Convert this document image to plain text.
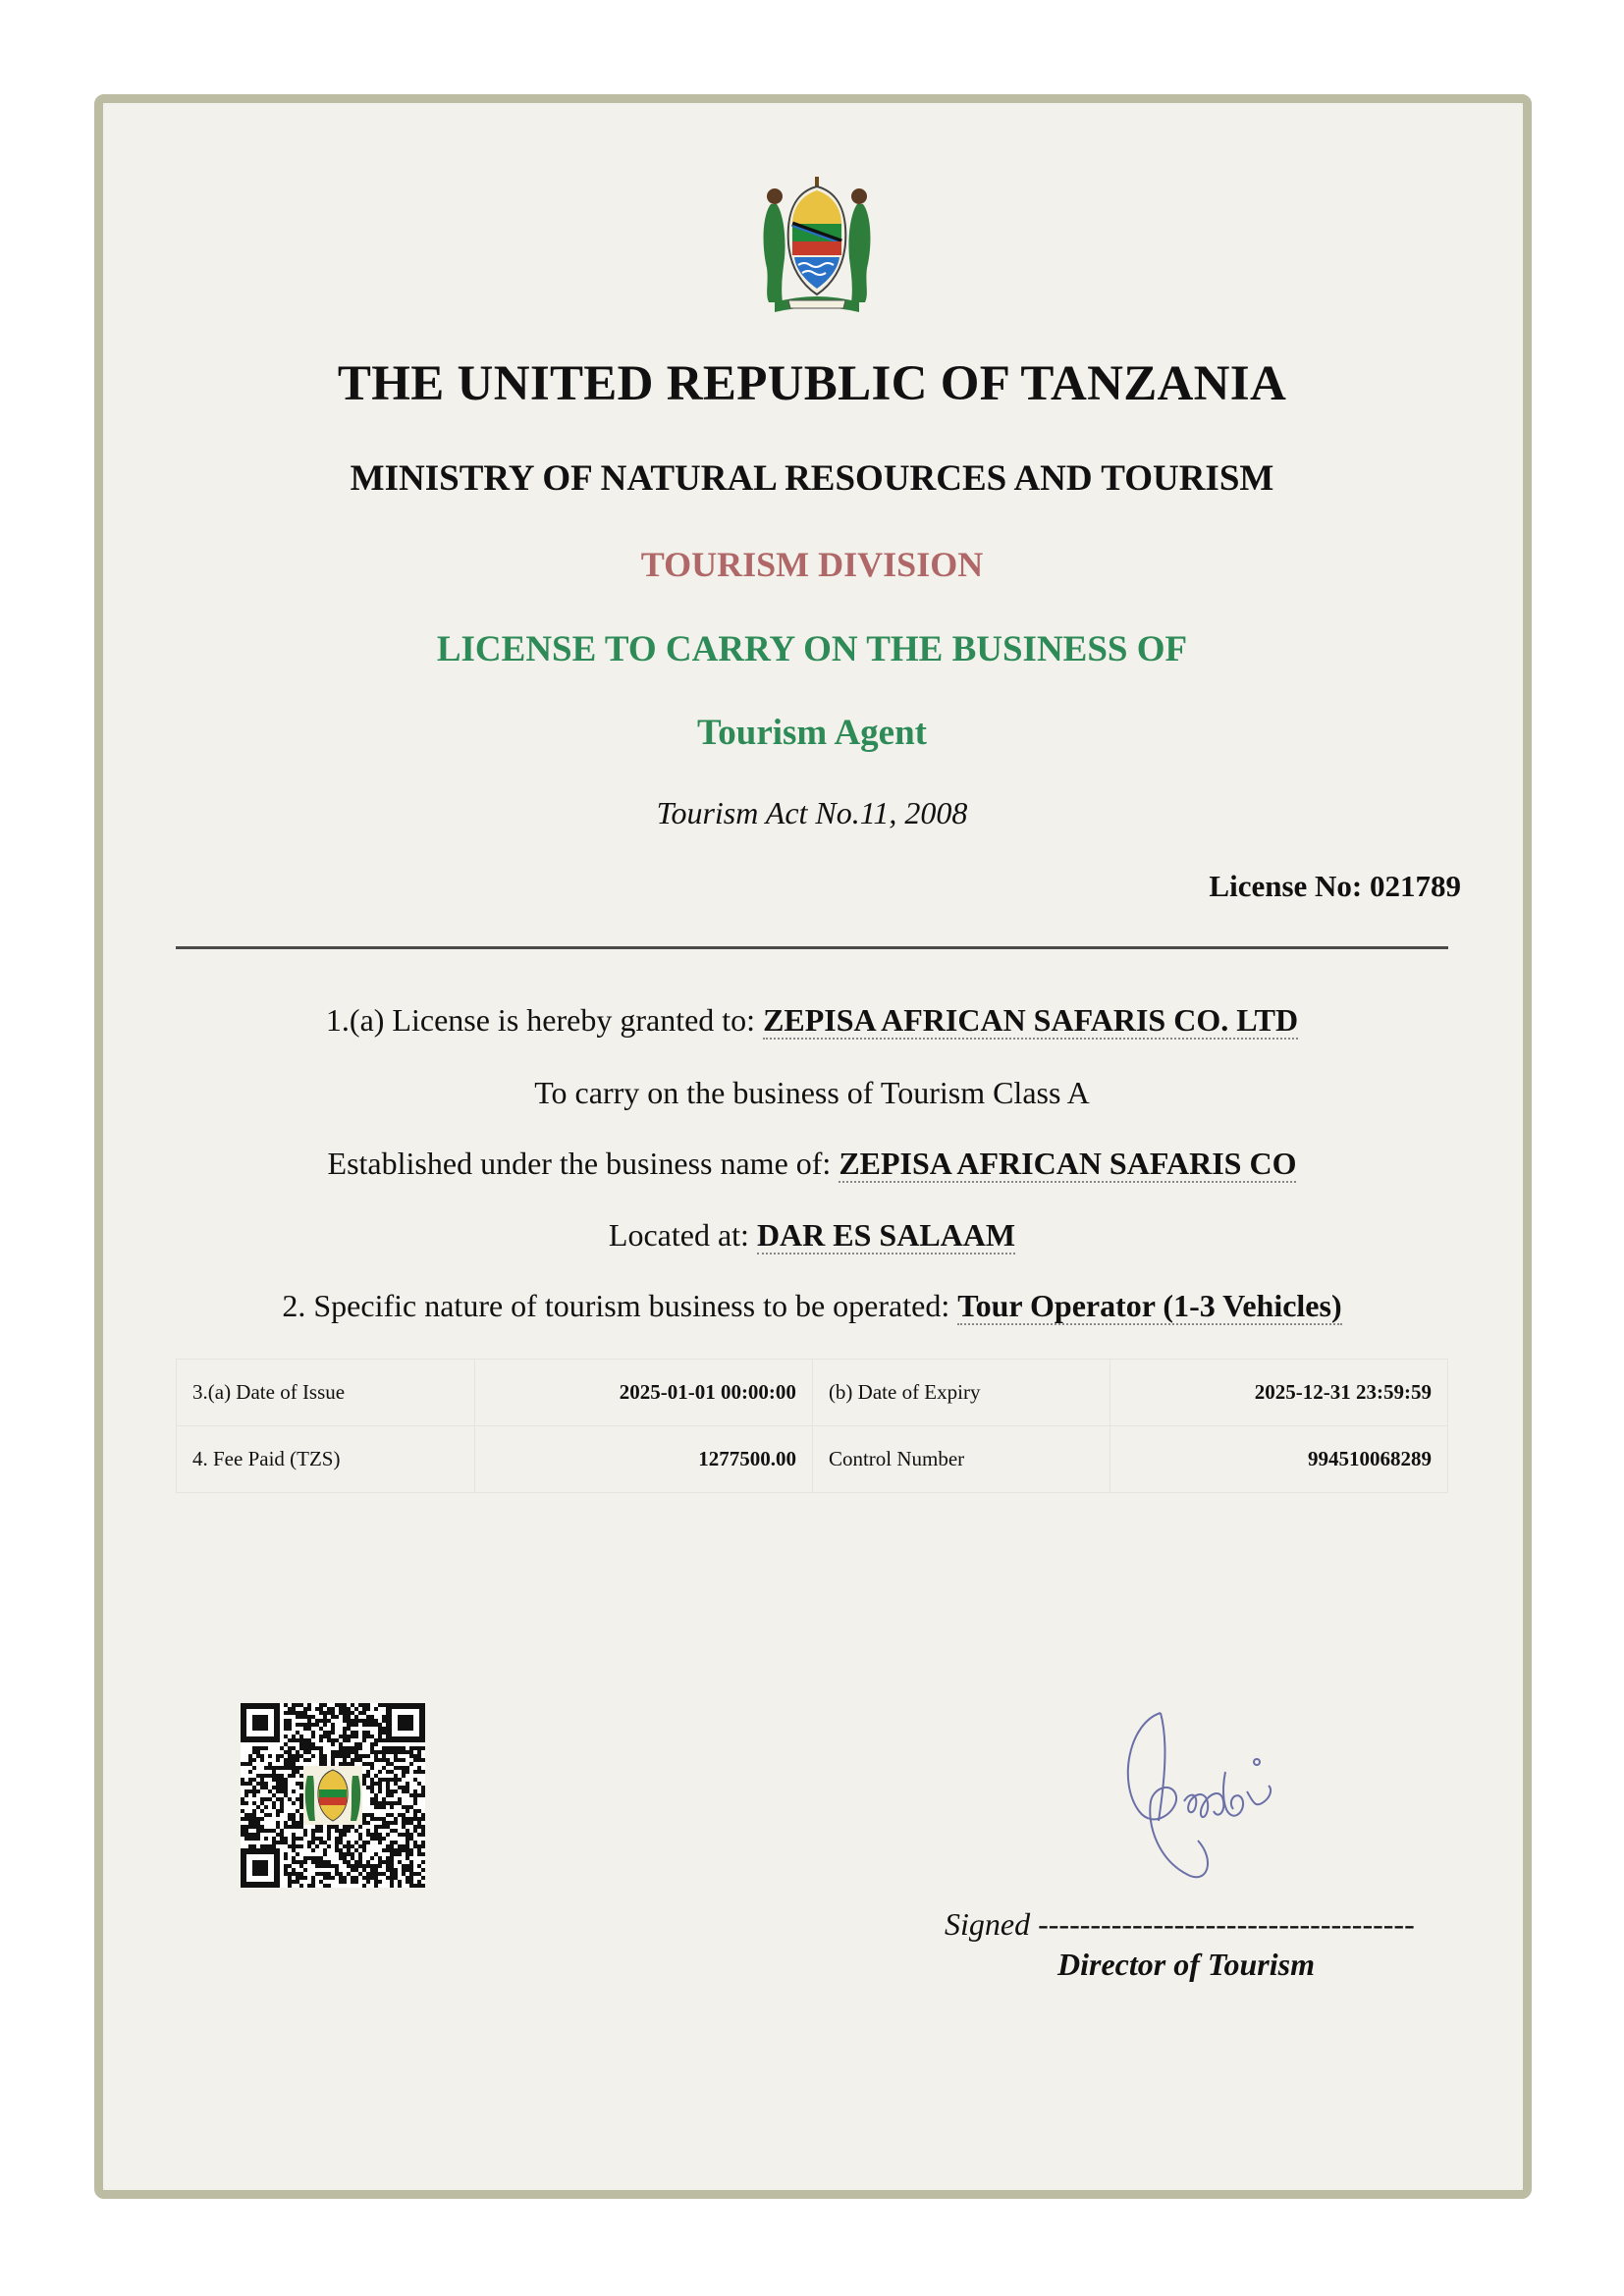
THE UNITED REPUBLIC OF TANZANIA
MINISTRY OF NATURAL RESOURCES AND TOURISM
TOURISM DIVISION
LICENSE TO CARRY ON THE BUSINESS OF
Tourism Agent
Tourism Act No.11, 2008
License No: 021789
1.(a) License is hereby granted to: ZEPISA AFRICAN SAFARIS CO. LTD
To carry on the business of Tourism Class A
Established under the business name of: ZEPISA AFRICAN SAFARIS CO
Located at: DAR ES SALAAM
2. Specific nature of tourism business to be operated: Tour Operator (1-3 Vehicles)
3.(a) Date of Issue	2025-01-01 00:00:00	(b) Date of Expiry	2025-12-31 23:59:59
4. Fee Paid (TZS)	1277500.00	Control Number	994510068289
Signed ------------------------------------
Director of Tourism
